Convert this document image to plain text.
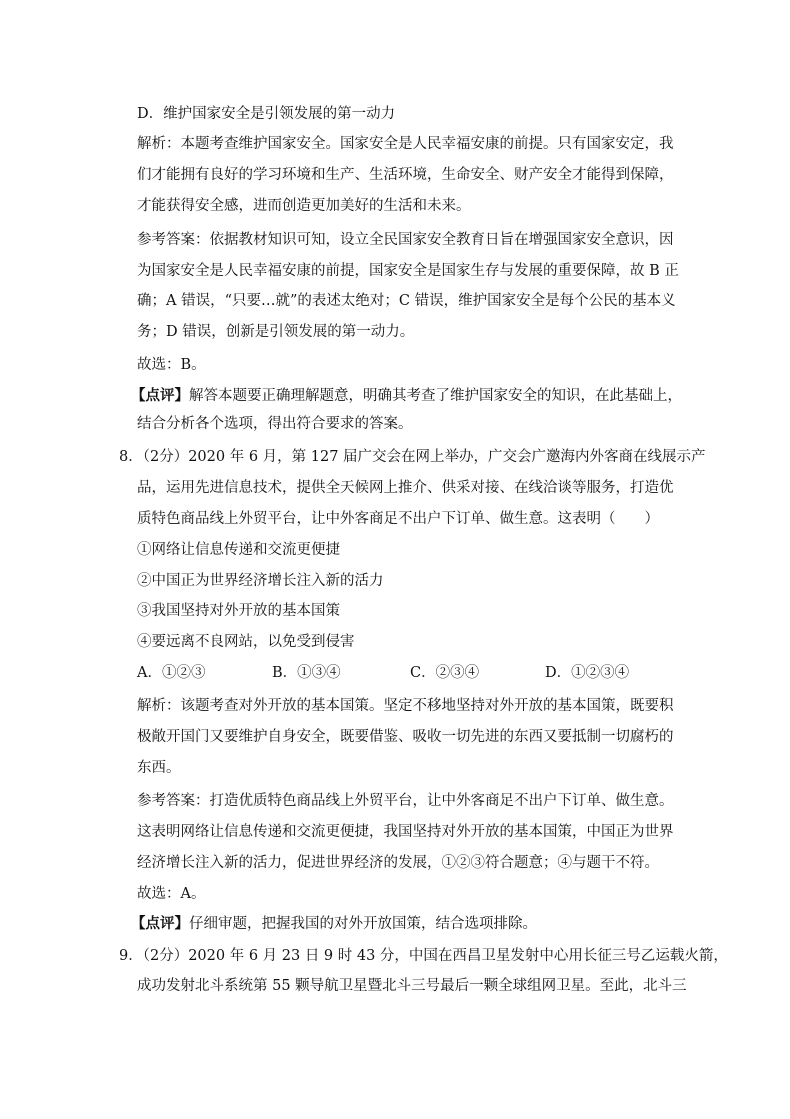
D．维护国家安全是引领发展的第一动力
解析：本题考查维护国家安全。国家安全是人民幸福安康的前提。只有国家安定，我
们才能拥有良好的学习环境和生产、生活环境，生命安全、财产安全才能得到保障，
才能获得安全感，进而创造更加美好的生活和未来。
参考答案：依据教材知识可知，设立全民国家安全教育日旨在增强国家安全意识，因
为国家安全是人民幸福安康的前提，国家安全是国家生存与发展的重要保障，故 B 正
确；A 错误，“只要…就”的表述太绝对；C 错误，维护国家安全是每个公民的基本义
务；D 错误，创新是引领发展的第一动力。
故选：B。
【点评】解答本题要正确理解题意，明确其考查了维护国家安全的知识，在此基础上，
结合分析各个选项，得出符合要求的答案。
8．（2分）2020 年 6 月，第 127 届广交会在网上举办，广交会广邀海内外客商在线展示产
品，运用先进信息技术，提供全天候网上推介、供采对接、在线洽谈等服务，打造优
质特色商品线上外贸平台，让中外客商足不出户下订单、做生意。这表明（　　）
①网络让信息传递和交流更便捷
②中国正为世界经济增长注入新的活力
③我国坚持对外开放的基本国策
④要远离不良网站，以免受到侵害
A．①②③	B．①③④	C．②③④	D．①②③④
解析：该题考查对外开放的基本国策。坚定不移地坚持对外开放的基本国策，既要积
极敞开国门又要维护自身安全，既要借鉴、吸收一切先进的东西又要抵制一切腐朽的
东西。
参考答案：打造优质特色商品线上外贸平台，让中外客商足不出户下订单、做生意。
这表明网络让信息传递和交流更便捷，我国坚持对外开放的基本国策，中国正为世界
经济增长注入新的活力，促进世界经济的发展，①②③符合题意；④与题干不符。
故选：A。
【点评】仔细审题，把握我国的对外开放国策，结合选项排除。
9．（2分）2020 年 6 月 23 日 9 时 43 分，中国在西昌卫星发射中心用长征三号乙运载火箭，
成功发射北斗系统第 55 颗导航卫星暨北斗三号最后一颗全球组网卫星。至此，北斗三
